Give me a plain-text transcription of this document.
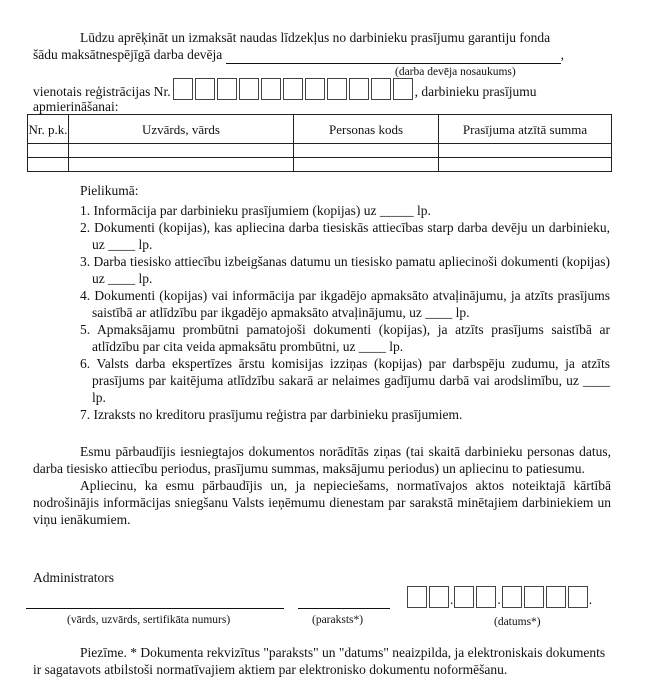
Lūdzu aprēķināt un izmaksāt naudas līdzekļus no darbinieku prasījumu garantiju fonda
šādu maksātnespējīgā darba devēja	,
(darba devēja nosaukums)
vienotais reģistrācijas Nr.	, darbinieku prasījumu
apmierināšanai:
Nr. p.k.	Uzvārds, vārds	Personas kods	Prasījuma atzītā summa

Pielikumā:
1. Informācija par darbinieku prasījumiem (kopijas) uz _____ lp.
2. Dokumenti (kopijas), kas apliecina darba tiesiskās attiecības starp darba devēju un darbinieku, uz ____ lp.
3. Darba tiesisko attiecību izbeigšanas datumu un tiesisko pamatu apliecinoši dokumenti (kopijas) uz ____ lp.
4. Dokumenti (kopijas) vai informācija par ikgadējo apmaksāto atvaļinājumu, ja atzīts prasījums saistībā ar atlīdzību par ikgadējo apmaksāto atvaļinājumu, uz ____ lp.
5. Apmaksājamu prombūtni pamatojoši dokumenti (kopijas), ja atzīts prasījums saistībā ar atlīdzību par cita veida apmaksātu prombūtni, uz ____ lp.
6. Valsts darba ekspertīzes ārstu komisijas izziņas (kopijas) par darbspēju zudumu, ja atzīts prasījums par kaitējuma atlīdzību sakarā ar nelaimes gadījumu darbā vai arodslimību, uz ____ lp.
7. Izraksts no kreditoru prasījumu reģistra par darbinieku prasījumiem.
Esmu pārbaudījis iesniegtajos dokumentos norādītās ziņas (tai skaitā darbinieku personas datus, darba tiesisko attiecību periodus, prasījumu summas, maksājumu periodus) un apliecinu to patiesumu.
Apliecinu, ka esmu pārbaudījis un, ja nepieciešams, normatīvajos aktos noteiktajā kārtībā nodrošinājis informācijas sniegšanu Valsts ieņēmumu dienestam par sarakstā minētajiem darbiniekiem un viņu ienākumiem.
Administrators
(vārds, uzvārds, sertifikāta numurs)	(paraksts*)
.	.	.
(datums*)
Piezīme. * Dokumenta rekvizītus "paraksts" un "datums" neaizpilda, ja elektroniskais dokuments
ir sagatavots atbilstoši normatīvajiem aktiem par elektronisko dokumentu noformēšanu.
